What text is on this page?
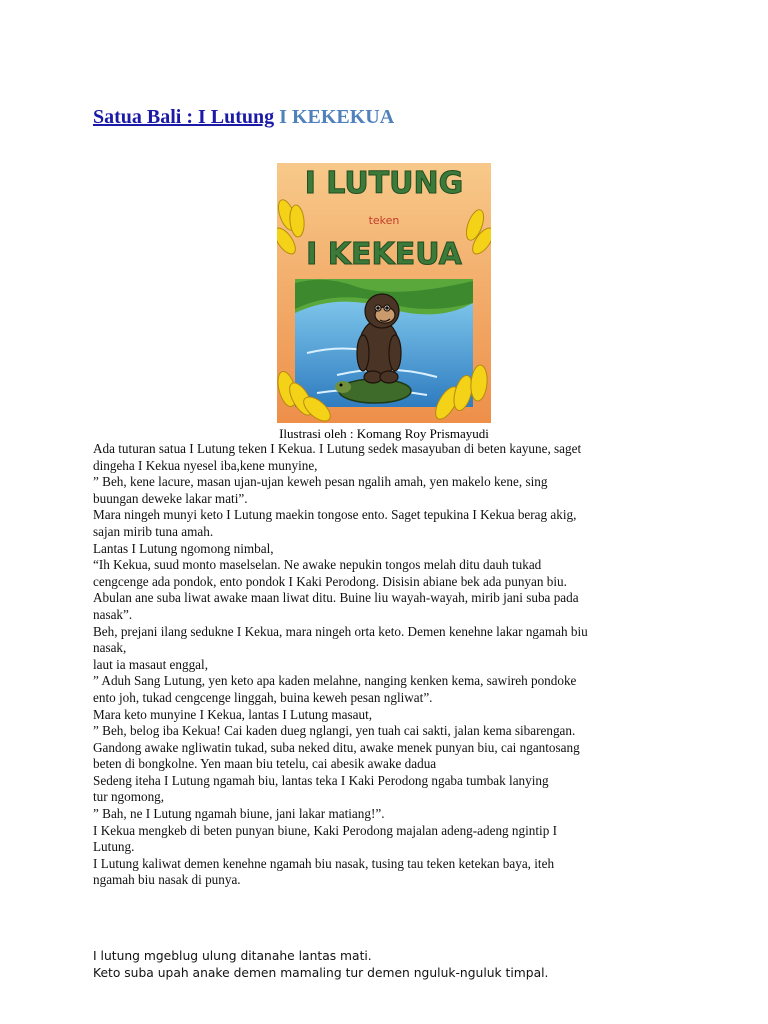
Satua Bali : I Lutung I KEKEKUA
I LUTUNG
teken
I KEKEUA
Ilustrasi oleh : Komang Roy Prismayudi
Ada tuturan satua I Lutung teken I Kekua. I Lutung sedek masayuban di beten kayune, saget
dingeha I Kekua nyesel iba,kene munyine,
” Beh, kene lacure, masan ujan-ujan keweh pesan ngalih amah, yen makelo kene, sing
buungan deweke lakar mati”.
Mara ningeh munyi keto I Lutung maekin tongose ento. Saget tepukina I Kekua berag akig,
sajan mirib tuna amah.
Lantas I Lutung ngomong nimbal,
“Ih Kekua, suud monto maselselan. Ne awake nepukin tongos melah ditu dauh tukad
cengcenge ada pondok, ento pondok I Kaki Perodong. Disisin abiane bek ada punyan biu.
Abulan ane suba liwat awake maan liwat ditu. Buine liu wayah-wayah, mirib jani suba pada
nasak”.
Beh, prejani ilang sedukne I Kekua, mara ningeh orta keto. Demen kenehne lakar ngamah biu
nasak,
laut ia masaut enggal,
” Aduh Sang Lutung, yen keto apa kaden melahne, nanging kenken kema, sawireh pondoke
ento joh, tukad cengcenge linggah, buina keweh pesan ngliwat”.
Mara keto munyine I Kekua, lantas I Lutung masaut,
” Beh, belog iba Kekua! Cai kaden dueg nglangi, yen tuah cai sakti, jalan kema sibarengan.
Gandong awake ngliwatin tukad, suba neked ditu, awake menek punyan biu, cai ngantosang
beten di bongkolne. Yen maan biu tetelu, cai abesik awake dadua
Sedeng iteha I Lutung ngamah biu, lantas teka I Kaki Perodong ngaba tumbak lanying
tur ngomong,
” Bah, ne I Lutung ngamah biune, jani lakar matiang!”.
I Kekua mengkeb di beten punyan biune, Kaki Perodong majalan adeng-adeng ngintip I
Lutung.
I Lutung kaliwat demen kenehne ngamah biu nasak, tusing tau teken ketekan baya, iteh
ngamah biu nasak di punya.
I lutung mgeblug ulung ditanahe lantas mati.
Keto suba upah anake demen mamaling tur demen nguluk-nguluk timpal.
